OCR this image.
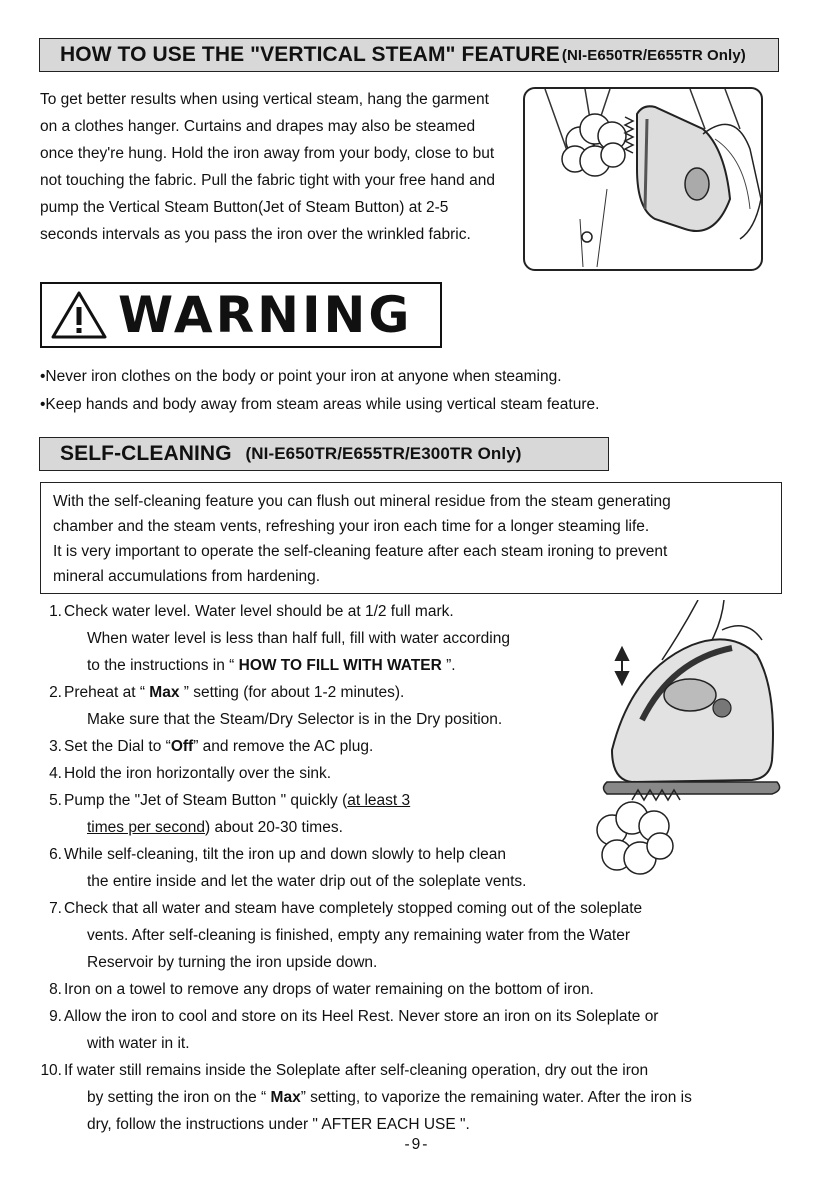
HOW TO USE THE "VERTICAL STEAM" FEATURE (NI-E650TR/E655TR Only)
To get better results when using vertical steam, hang the garment on a clothes hanger. Curtains and drapes may also be steamed once they're hung. Hold the iron away from your body, close to but not touching the fabric. Pull the fabric tight with your free hand and pump the Vertical Steam Button(Jet of Steam Button) at 2-5 seconds intervals as you pass the iron over the wrinkled fabric.
WARNING
•Never iron clothes on the body or point your iron at anyone when steaming.
•Keep hands and body away from steam areas while using vertical steam feature.
SELF-CLEANING
(NI-E650TR/E655TR/E300TR Only)
With the self-cleaning feature you can flush out mineral residue from the steam generating
chamber and the steam vents, refreshing your iron each time for a longer steaming life.
It is very important to operate the self-cleaning feature after each steam ironing to prevent
mineral accumulations from hardening.
1. Check water level. Water level should be at 1/2 full mark.
When water level is less than half full, fill with water according
to the instructions in “ HOW TO FILL WITH WATER ”.
2. Preheat at “ Max ” setting (for about 1-2 minutes).
Make sure that the Steam/Dry Selector is in the Dry position.
3. Set the Dial to “Off” and remove the AC plug.
4. Hold the iron horizontally over the sink.
5. Pump the "Jet of Steam Button " quickly (at least 3
times per second) about 20-30 times.
6. While self-cleaning, tilt the iron up and down slowly to help clean
the entire inside and let the water drip out of the soleplate vents.
7. Check that all water and steam have completely stopped coming out of the soleplate
vents. After self-cleaning is finished, empty any remaining water from the Water
Reservoir by turning the iron upside down.
8. Iron on a towel to remove any drops of water remaining on the bottom of iron.
9. Allow the iron to cool and store on its Heel Rest. Never store an iron on its Soleplate or
with water in it.
10. If water still remains inside the Soleplate after self-cleaning operation, dry out the iron
by setting the iron on the “ Max” setting, to vaporize the remaining water. After the iron is
dry, follow the instructions under " AFTER EACH USE ".
-9-
